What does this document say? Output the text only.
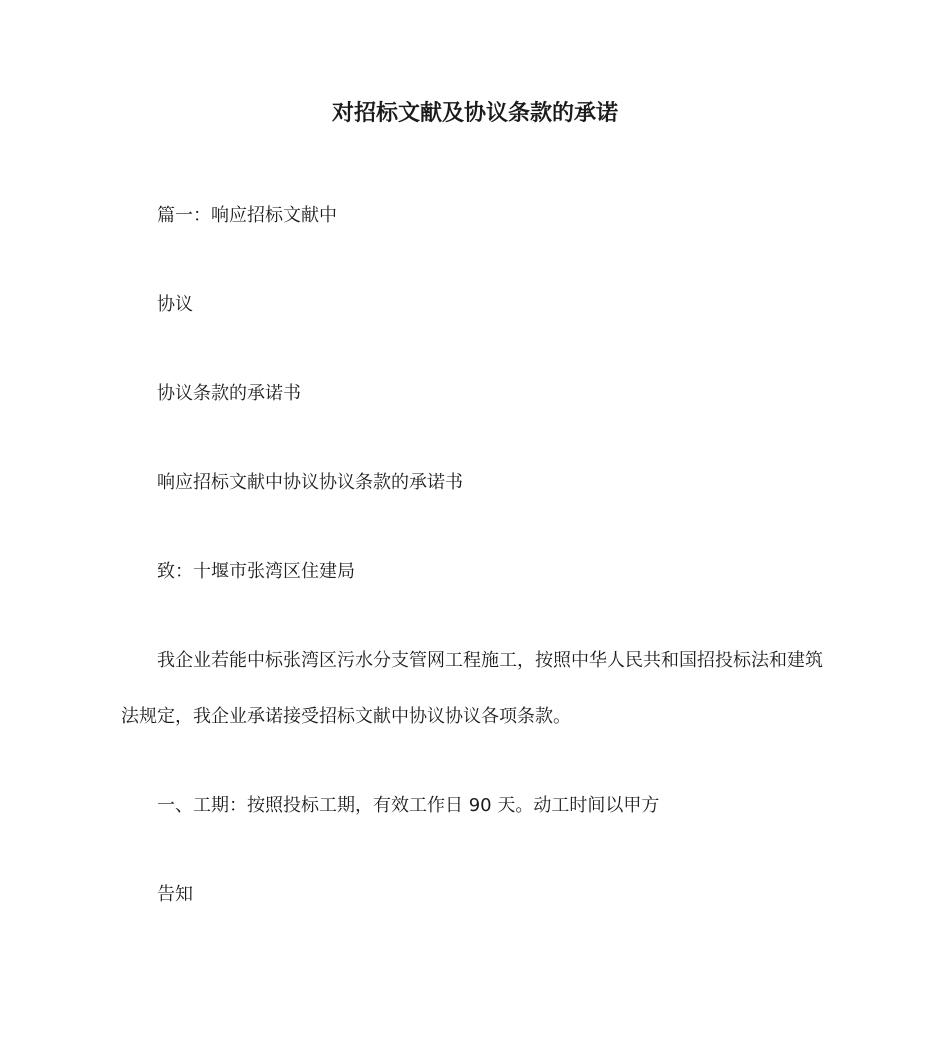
对招标文献及协议条款的承诺
篇一：响应招标文献中
协议
协议条款的承诺书
响应招标文献中协议协议条款的承诺书
致：十堰市张湾区住建局
我企业若能中标张湾区污水分支管网工程施工，按照中华人民共和国招投标法和建筑
法规定，我企业承诺接受招标文献中协议协议各项条款。
一、工期：按照投标工期，有效工作日 90 天。动工时间以甲方
告知
